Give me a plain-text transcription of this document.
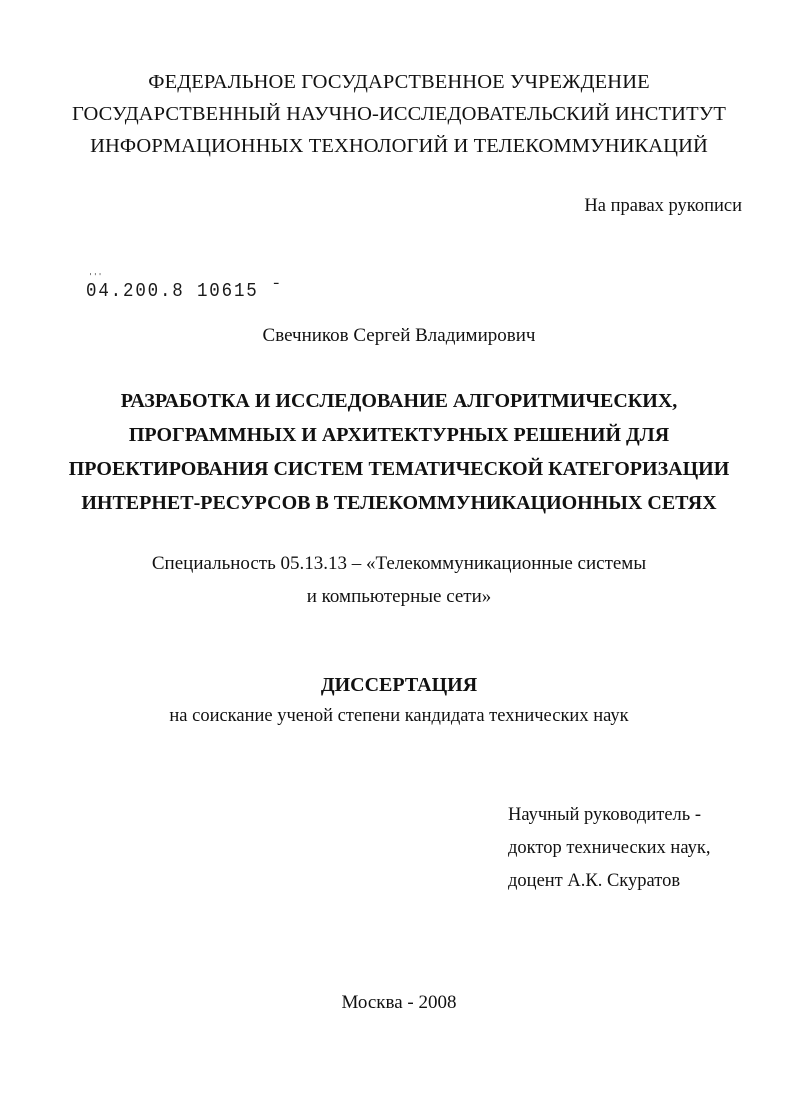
ФЕДЕРАЛЬНОЕ ГОСУДАРСТВЕННОЕ УЧРЕЖДЕНИЕ
ГОСУДАРСТВЕННЫЙ НАУЧНО-ИССЛЕДОВАТЕЛЬСКИЙ ИНСТИТУТ
ИНФОРМАЦИОННЫХ ТЕХНОЛОГИЙ И ТЕЛЕКОММУНИКАЦИЙ
На правах рукописи
'''
04.200.8 10615 ˉ
Свечников Сергей Владимирович
РАЗРАБОТКА И ИССЛЕДОВАНИЕ АЛГОРИТМИЧЕСКИХ,
ПРОГРАММНЫХ И АРХИТЕКТУРНЫХ РЕШЕНИЙ ДЛЯ
ПРОЕКТИРОВАНИЯ СИСТЕМ ТЕМАТИЧЕСКОЙ КАТЕГОРИЗАЦИИ
ИНТЕРНЕТ-РЕСУРСОВ В ТЕЛЕКОММУНИКАЦИОННЫХ СЕТЯХ
Специальность 05.13.13 – «Телекоммуникационные системы
и компьютерные сети»
ДИССЕРТАЦИЯ
на соискание ученой степени кандидата технических наук
Научный руководитель -
доктор технических наук,
доцент А.К. Скуратов
Москва - 2008
